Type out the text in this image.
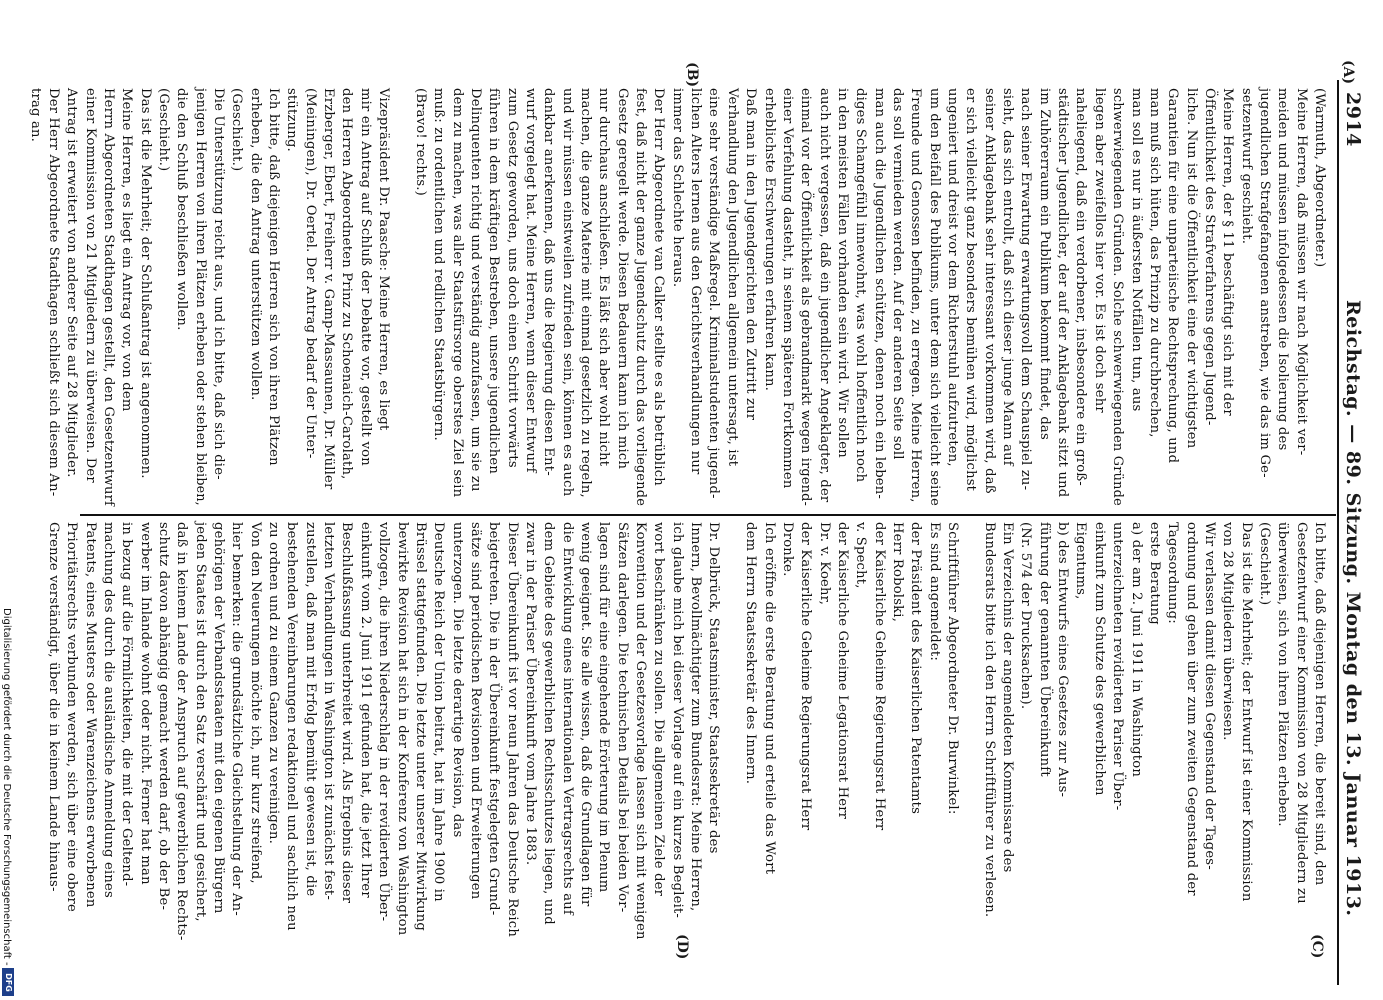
2914
Reichstag. — 89. Sitzung. Montag den 13. Januar 1913.
(A)
(B)
(C)
(D)
(Warmuth, Abgeordneter.)
Meine Herren, daß müssen wir nach Möglichkeit ver-
meiden und müssen infolgedessen die Isolierung des
jugendlichen Strafgefangenen anstreben, wie das im Ge-
setzentwurf geschieht.
Meine Herren, der § 11 beschäftigt sich mit der
Öffentlichkeit des Strafverfahrens gegen Jugend-
liche. Nun ist die Öffentlichkeit eine der wichtigsten
Garantien für eine unparteiische Rechtsprechung, und
man muß sich hüten, das Prinzip zu durchbrechen,
man soll es nur in äußersten Notfällen tun, aus
schwerwiegenden Gründen. Solche schwerwiegenden Gründe
liegen aber zweifellos hier vor. Es ist doch sehr
naheliegend, daß ein verdorbener, insbesondere ein groß-
städtischer Jugendlicher, der auf der Anklagebank sitzt und
im Zuhörerraum ein Publikum bekommt findet, das
nach seiner Erwartung erwartungsvoll dem Schauspiel zu-
sieht, das sich entrollt, daß sich dieser junge Mann auf
seiner Anklagebank sehr interessant vorkommen wird, daß
er sich vielleicht ganz besonders bemühen wird, möglichst
ungeniert und dreist vor dem Richterstuhl aufzutreten,
um den Beifall des Publikums, unter dem sich vielleicht seine
Freunde und Genossen befinden, zu erregen. Meine Herren,
das soll vermieden werden. Auf der anderen Seite soll
man auch die Jugendlichen schützen, denen noch ein leben-
diges Schamgefühl innewohnt, was wohl hoffentlich noch
in den meisten Fällen vorhanden sein wird. Wir sollen
auch nicht vergessen, daß ein jugendlicher Angeklagter, der
einmal vor der Öffentlichkeit als gebrandmarkt wegen irgend-
einer Verfehlung dasteht, in seinem späteren Fortkommen
erheblichste Erschwerungen erfahren kann.
Daß man in den Jugendgerichten den Zutritt zur
Verhandlung den Jugendlichen allgemein untersagt, ist
eine sehr verständige Maßregel. Kriminalstudenten jugend-
lichen Alters lernen aus den Gerichtsverhandlungen nur
immer das Schlechte heraus.
Der Herr Abgeordnete van Calker stellte es als betrüblich
fest, daß nicht der ganze Jugendschutz durch das vorliegende
Gesetz geregelt werde. Diesen Bedauern kann ich mich
nur durchaus anschließen. Es läßt sich aber wohl nicht
machen, die ganze Materie mit einmal gesetzlich zu regeln,
und wir müssen einstweilen zufrieden sein, können es auch
dankbar anerkennen, daß uns die Regierung diesen Ent-
wurf vorgelegt hat. Meine Herren, wenn dieser Entwurf
zum Gesetz geworden, uns doch einen Schritt vorwärts
führen in dem kräftigen Bestreben, unsere jugendlichen
Delinquenten richtig und verständig anzufassen, um sie zu
dem zu machen, was aller Staatsfürsorge oberstes Ziel sein
muß: zu ordentlichen und redlichen Staatsbürgern.
(Bravo! rechts.)
Vizepräsident Dr. Paasche: Meine Herren, es liegt
mir ein Antrag auf Schluß der Debatte vor, gestellt von
den Herren Abgeordneten Prinz zu Schoenaich-Carolath,
Erzberger, Ebert, Freiherr v. Gamp-Massaunen, Dr. Müller
(Meiningen), Dr. Oertel. Der Antrag bedarf der Unter-
stützung.
Ich bitte, daß diejenigen Herren sich von ihren Plätzen
erheben, die den Antrag unterstützen wollen.
(Geschieht.)
Die Unterstützung reicht aus, und ich bitte, daß sich die-
jenigen Herren von ihren Plätzen erheben oder stehen bleiben,
die den Schluß beschließen wollen.
(Geschieht.)
Das ist die Mehrheit; der Schlußantrag ist angenommen.
Meine Herren, es liegt ein Antrag vor, von dem
Herrn Abgeordneten Stadthagen gestellt, den Gesetzentwurf
einer Kommission von 21 Mitgliedern zu überweisen. Der
Antrag ist erweitert von anderer Seite auf 28 Mitglieder.
Der Herr Abgeordnete Stadthagen schließt sich diesem An-
trag an.
Ich bitte, daß diejenigen Herren, die bereit sind, den
Gesetzentwurf einer Kommission von 28 Mitgliedern zu
überweisen, sich von ihren Plätzen erheben.
(Geschieht.)
Das ist die Mehrheit; der Entwurf ist einer Kommission
von 28 Mitgliedern überwiesen.
Wir verlassen damit diesen Gegenstand der Tages-
ordnung und gehen über zum zweiten Gegenstand der
Tagesordnung:
erste Beratung
a) der am 2. Juni 1911 in Washington
unterzeichneten revidierten Pariser Über-
einkunft zum Schutze des gewerblichen
Eigentums,
b) des Entwurfs eines Gesetzes zur Aus-
führung der genannten Übereinkunft
(Nr. 574 der Drucksachen).
Ein Verzeichnis der angemeldeten Kommissare des
Bundesrats bitte ich den Herrn Schriftführer zu verlesen.
Schriftführer Abgeordneter Dr. Burwinkel:
Es sind angemeldet:
der Präsident des Kaiserlichen Patentamts
Herr Robolski,
der Kaiserliche Geheime Regierungsrat Herr
v. Specht,
der Kaiserliche Geheime Legationsrat Herr
Dr. v. Koehr,
der Kaiserliche Geheime Regierungsrat Herr
Dronke.
Ich eröffne die erste Beratung und erteile das Wort
dem Herrn Staatssekretär des Innern.
Dr. Delbrück, Staatsminister, Staatssekretär des
Innern, Bevollmächtigter zum Bundesrat: Meine Herren,
ich glaube mich bei dieser Vorlage auf ein kurzes Begleit-
wort beschränken zu sollen. Die allgemeinen Ziele der
Konvention und der Gesetzesvorlage lassen sich mit wenigen
Sätzen darlegen. Die technischen Details bei beiden Vor-
lagen sind für eine eingehende Erörterung im Plenum
wenig geeignet. Sie alle wissen, daß die Grundlagen für
die Entwicklung eines internationalen Vertragsrechts auf
dem Gebiete des gewerblichen Rechtsschutzes liegen, und
zwar in der Pariser Übereinkunft vom Jahre 1883.
Dieser Übereinkunft ist vor neun Jahren das Deutsche Reich
beigetreten. Die in der Übereinkunft festgelegten Grund-
sätze sind periodischen Revisionen und Erweiterungen
unterzogen. Die letzte derartige Revision, das
Deutsche Reich der Union beitrat, hat im Jahre 1900 in
Brüssel stattgefunden. Die letzte unter unserer Mitwirkung
bewirkte Revision hat sich in der Konferenz von Washington
vollzogen, die ihren Niederschlag in der revidierten Über-
einkunft vom 2. Juni 1911 gefunden hat, die jetzt Ihrer
Beschlußfassung unterbreitet wird. Als Ergebnis dieser
letzten Verhandlungen in Washington ist zunächst fest-
zustellen, daß man mit Erfolg bemüht gewesen ist, die
bestehenden Vereinbarungen redaktionell und sachlich neu
zu ordnen und zu einem Ganzen zu vereinigen.
Von den Neuerungen möchte ich, nur kurz streifend,
hier bemerken: die grundsätzliche Gleichstellung der An-
gehörigen der Verbandsstaaten mit den eigenen Bürgern
jeden Staates ist durch den Satz verschärft und gesichert,
daß in keinem Lande der Anspruch auf gewerblichen Rechts-
schutz davon abhängig gemacht werden darf, ob der Be-
werber im Inlande wohnt oder nicht. Ferner hat man
in bezug auf die Förmlichkeiten, die mit der Geltend-
machung des durch die ausländische Anmeldung eines
Patents, eines Musters oder Warenzeichens erworbenen
Prioritätsrechts verbunden werden, sich über eine obere
Grenze verständigt, über die in keinem Lande hinaus-
Digitalisierung gefördert durch die Deutsche Forschungsgemeinschaft -
DFG
